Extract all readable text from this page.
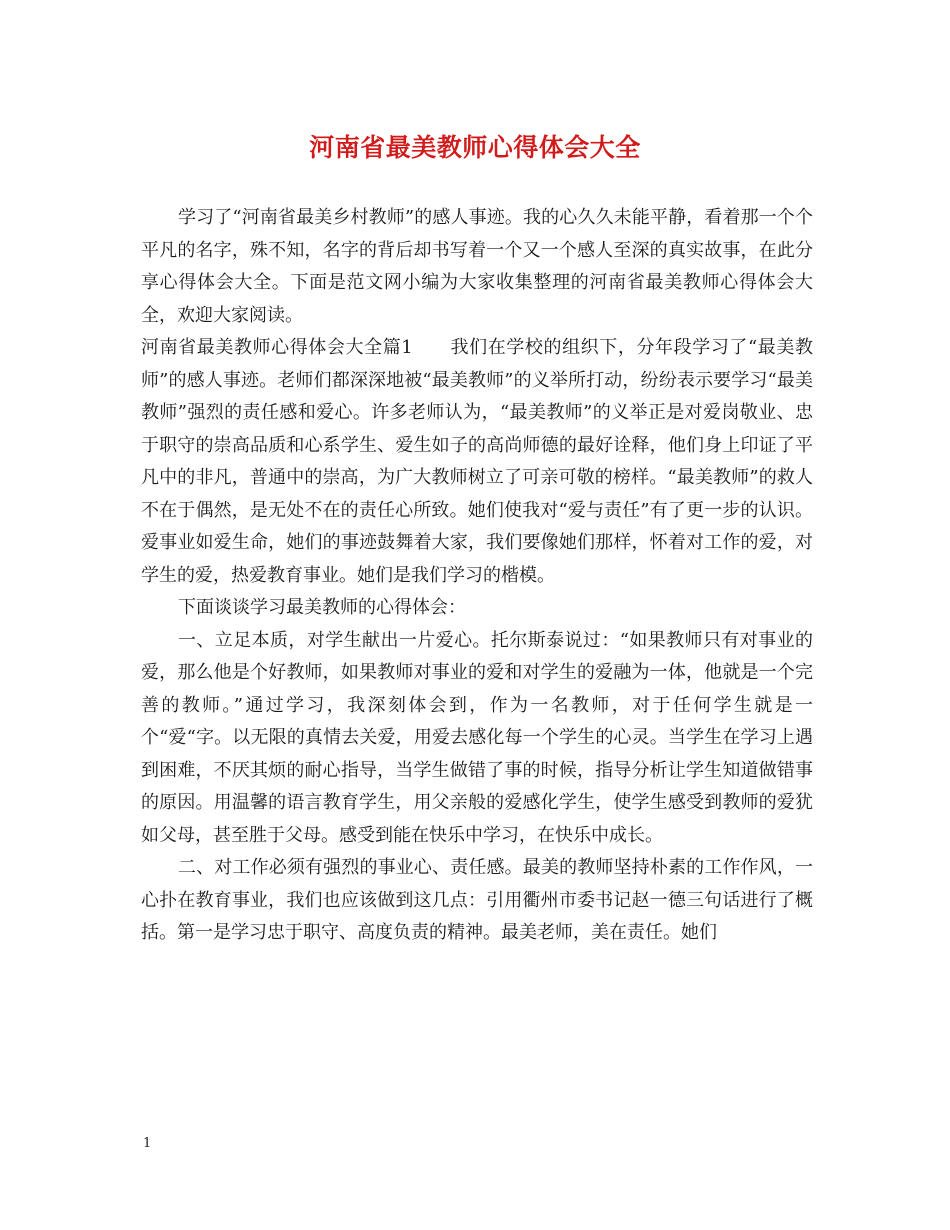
河南省最美教师心得体会大全

学习了“河南省最美乡村教师”的感人事迹。我的心久久未能平静，看着那一个个平凡的名字，殊不知，名字的背后却书写着一个又一个感人至深的真实故事，在此分享心得体会大全。下面是范文网小编为大家收集整理的河南省最美教师心得体会大全，欢迎大家阅读。

河南省最美教师心得体会大全篇1　　我们在学校的组织下，分年段学习了“最美教师”的感人事迹。老师们都深深地被“最美教师”的义举所打动，纷纷表示要学习“最美教师”强烈的责任感和爱心。许多老师认为，“最美教师”的义举正是对爱岗敬业、忠于职守的崇高品质和心系学生、爱生如子的高尚师德的最好诠释，他们身上印证了平凡中的非凡，普通中的崇高，为广大教师树立了可亲可敬的榜样。“最美教师”的救人不在于偶然，是无处不在的责任心所致。她们使我对“爱与责任”有了更一步的认识。爱事业如爱生命，她们的事迹鼓舞着大家，我们要像她们那样，怀着对工作的爱，对学生的爱，热爱教育事业。她们是我们学习的楷模。

下面谈谈学习最美教师的心得体会：

一、立足本质，对学生献出一片爱心。托尔斯泰说过：“如果教师只有对事业的爱，那么他是个好教师，如果教师对事业的爱和对学生的爱融为一体，他就是一个完善的教师。”通过学习，我深刻体会到，作为一名教师，对于任何学生就是一个“爱“字。以无限的真情去关爱，用爱去感化每一个学生的心灵。当学生在学习上遇到困难，不厌其烦的耐心指导，当学生做错了事的时候，指导分析让学生知道做错事的原因。用温馨的语言教育学生，用父亲般的爱感化学生，使学生感受到教师的爱犹如父母，甚至胜于父母。感受到能在快乐中学习，在快乐中成长。

二、对工作必须有强烈的事业心、责任感。最美的教师坚持朴素的工作作风，一心扑在教育事业，我们也应该做到这几点：引用衢州市委书记赵一德三句话进行了概括。第一是学习忠于职守、高度负责的精神。最美老师，美在责任。她们

1
